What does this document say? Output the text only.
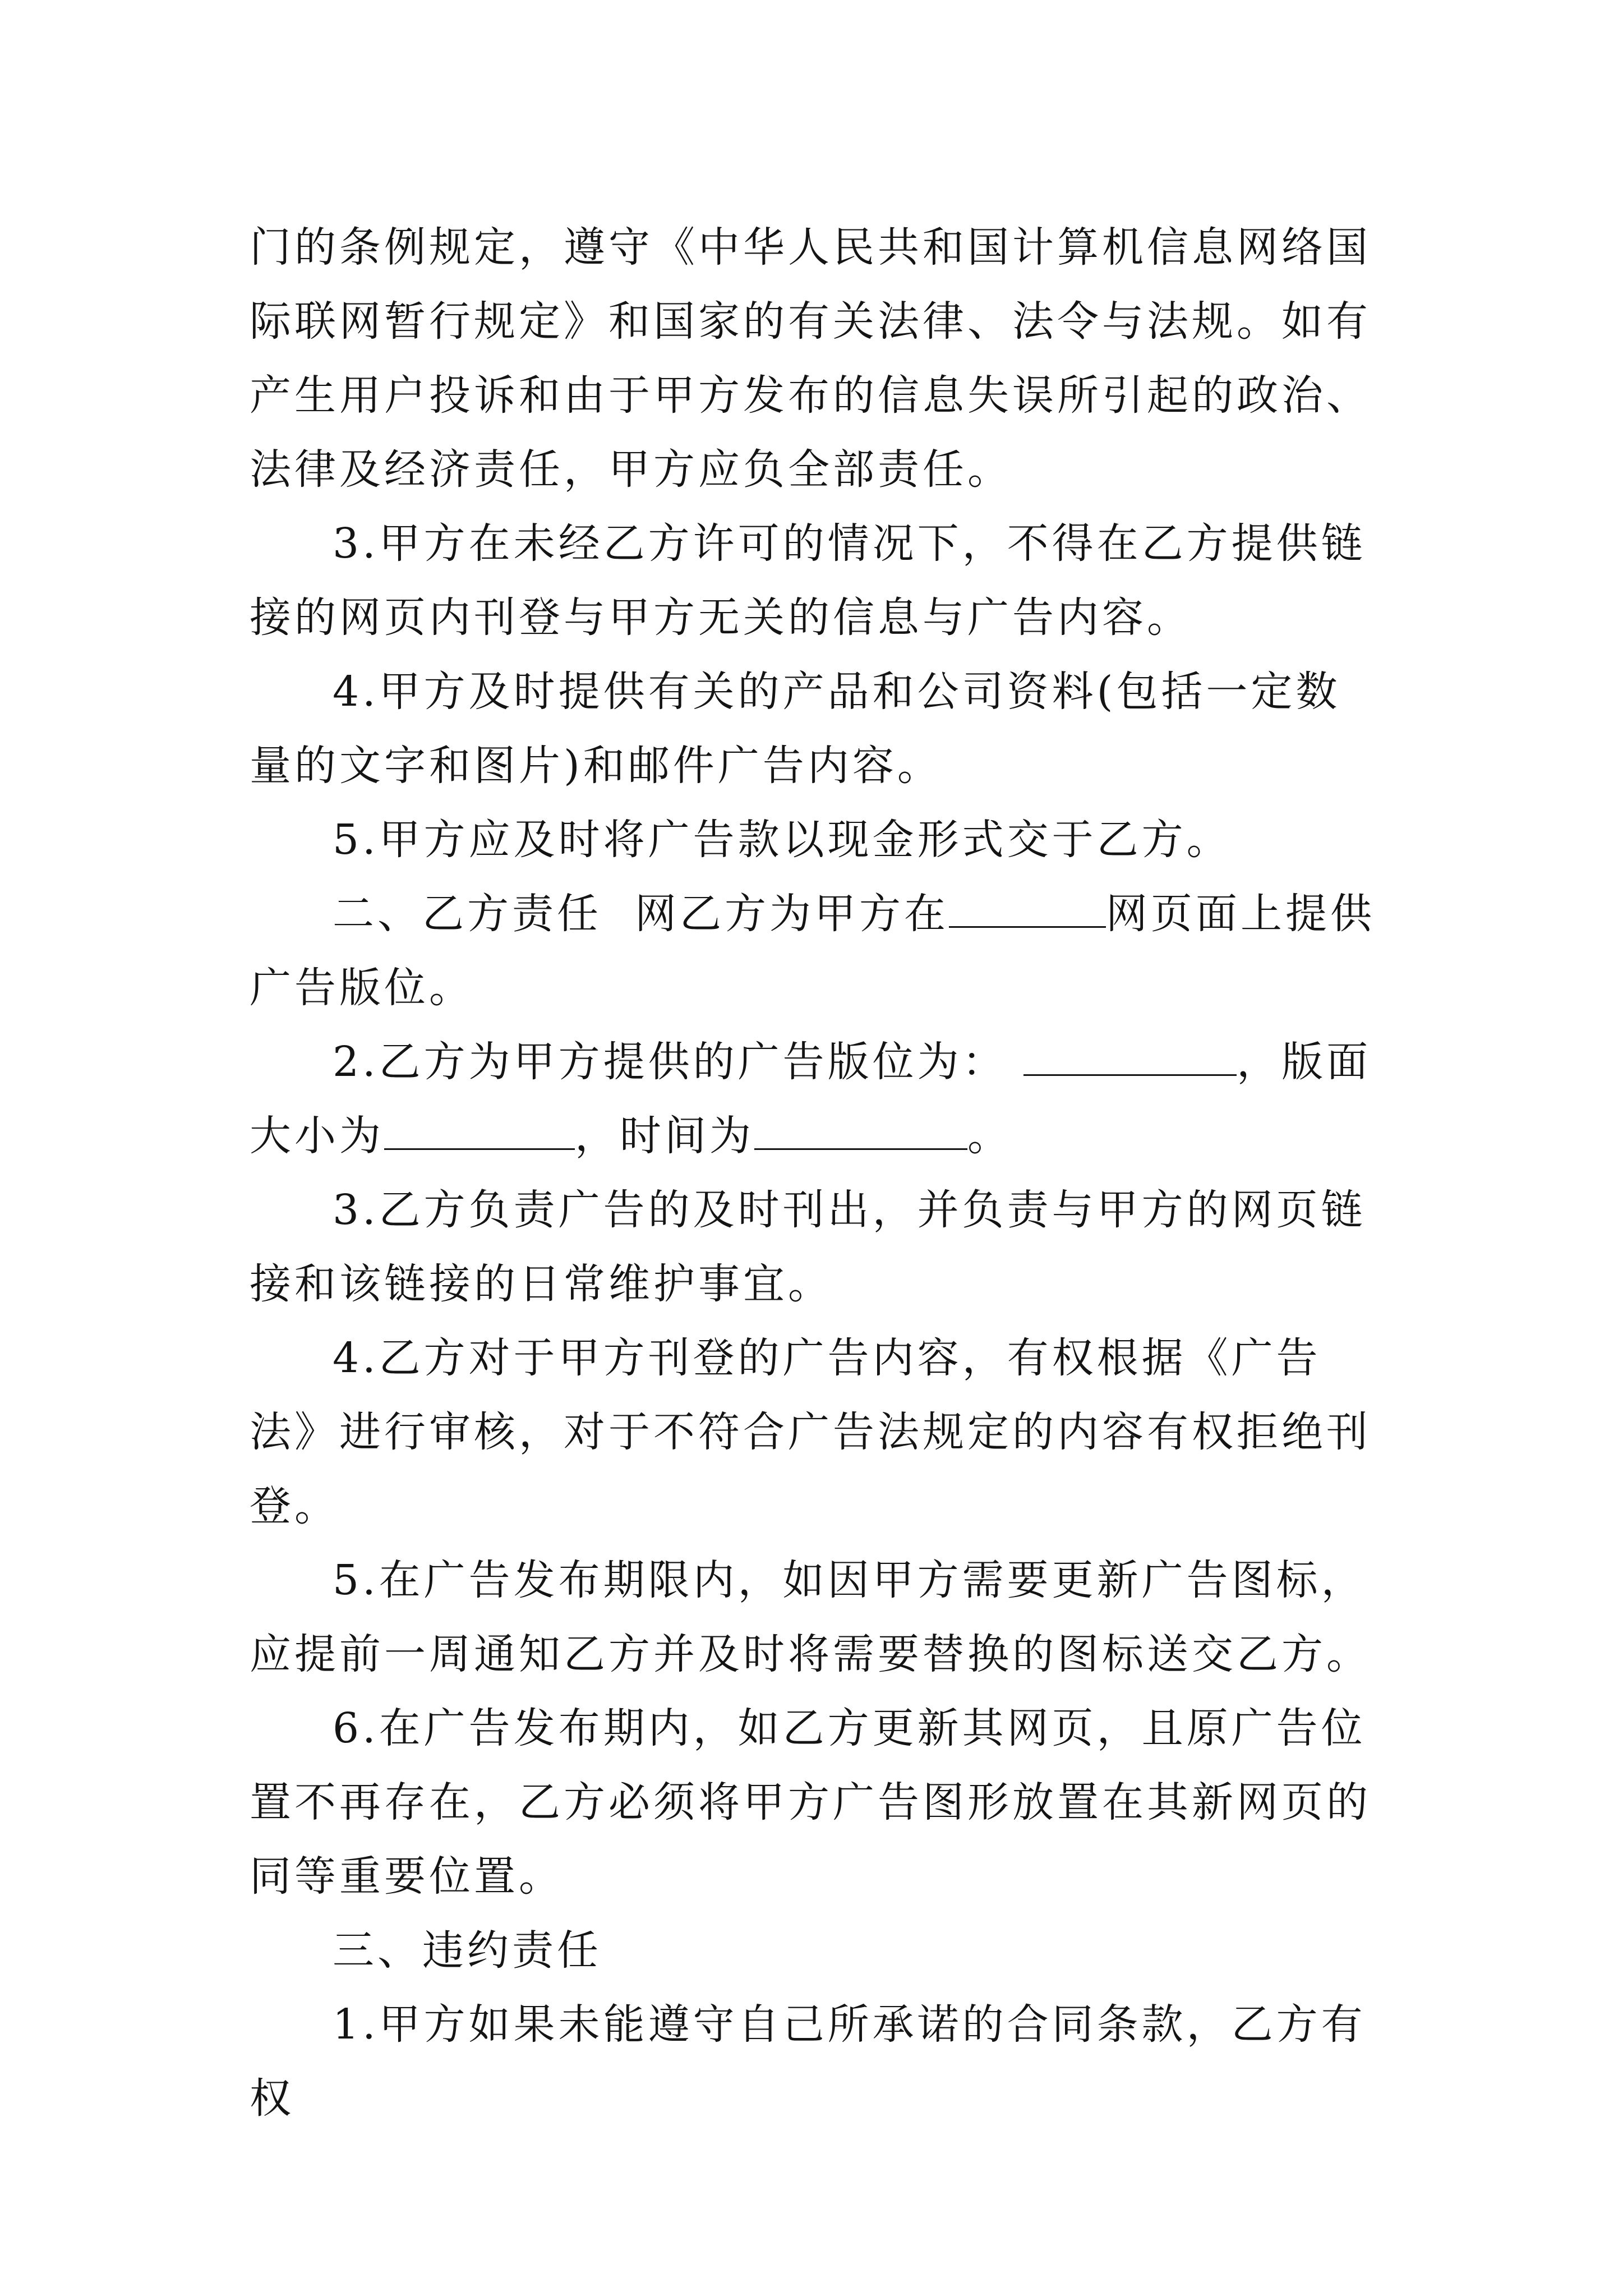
门的条例规定，遵守《中华人民共和国计算机信息网络国际联网暂行规定》和国家的有关法律、法令与法规。如有产生用户投诉和由于甲方发布的信息失误所引起的政治、法律及经济责任，甲方应负全部责任。

3.甲方在未经乙方许可的情况下，不得在乙方提供链接的网页内刊登与甲方无关的信息与广告内容。

4.甲方及时提供有关的产品和公司资料(包括一定数量的文字和图片)和邮件广告内容。

5.甲方应及时将广告款以现金形式交于乙方。

二、乙方责任  网乙方为甲方在	网页面上提供广告版位。

2.乙方为甲方提供的广告版位为：	，版面大小为	，时间为	。

3.乙方负责广告的及时刊出，并负责与甲方的网页链接和该链接的日常维护事宜。

4.乙方对于甲方刊登的广告内容，有权根据《广告法》进行审核，对于不符合广告法规定的内容有权拒绝刊登。

5.在广告发布期限内，如因甲方需要更新广告图标，应提前一周通知乙方并及时将需要替换的图标送交乙方。

6.在广告发布期内，如乙方更新其网页，且原广告位置不再存在，乙方必须将甲方广告图形放置在其新网页的同等重要位置。

三、违约责任

1.甲方如果未能遵守自己所承诺的合同条款，乙方有权
